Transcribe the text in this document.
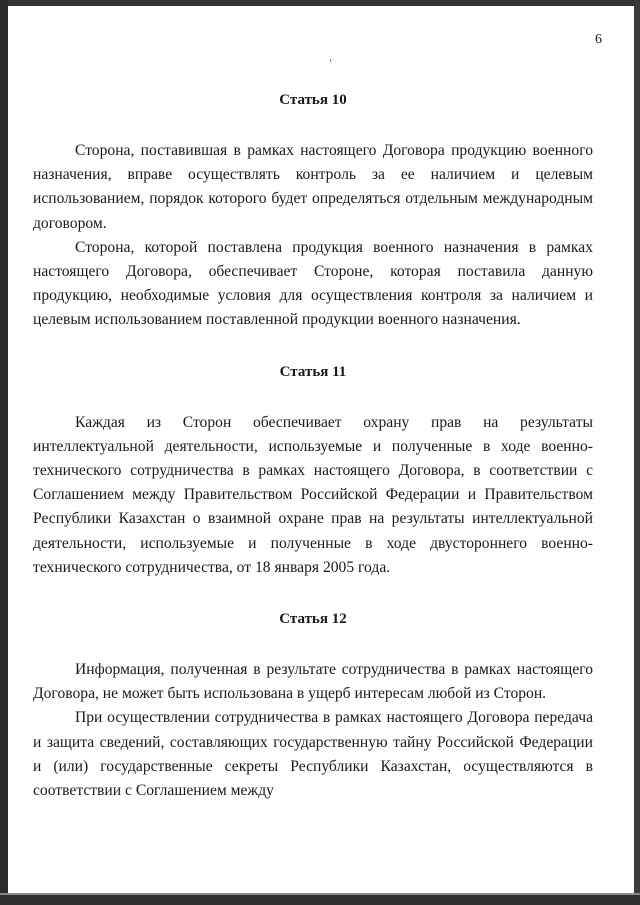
6
‘
Статья 10

Сторона, поставившая в рамках настоящего Договора продукцию военного назначения, вправе осуществлять контроль за ее наличием и целевым использованием, порядок которого будет определяться отдельным международным договором.

Сторона, которой поставлена продукция военного назначения в рамках настоящего Договора, обеспечивает Стороне, которая поставила данную продукцию, необходимые условия для осуществления контроля за наличием и целевым использованием поставленной продукции военного назначения.

Статья 11

Каждая из Сторон обеспечивает охрану прав на результаты интеллектуальной деятельности, используемые и полученные в ходе военно-технического сотрудничества в рамках настоящего Договора, в соответствии с Соглашением между Правительством Российской Федерации и Правительством Республики Казахстан о взаимной охране прав на результаты интеллектуальной деятельности, используемые и полученные в ходе двустороннего военно-технического сотрудничества, от 18 января 2005 года.

Статья 12

Информация, полученная в результате сотрудничества в рамках настоящего Договора, не может быть использована в ущерб интересам любой из Сторон.

При осуществлении сотрудничества в рамках настоящего Договора передача и защита сведений, составляющих государственную тайну Российской Федерации и (или) государственные секреты Республики Казахстан, осуществляются в соответствии с Соглашением между
